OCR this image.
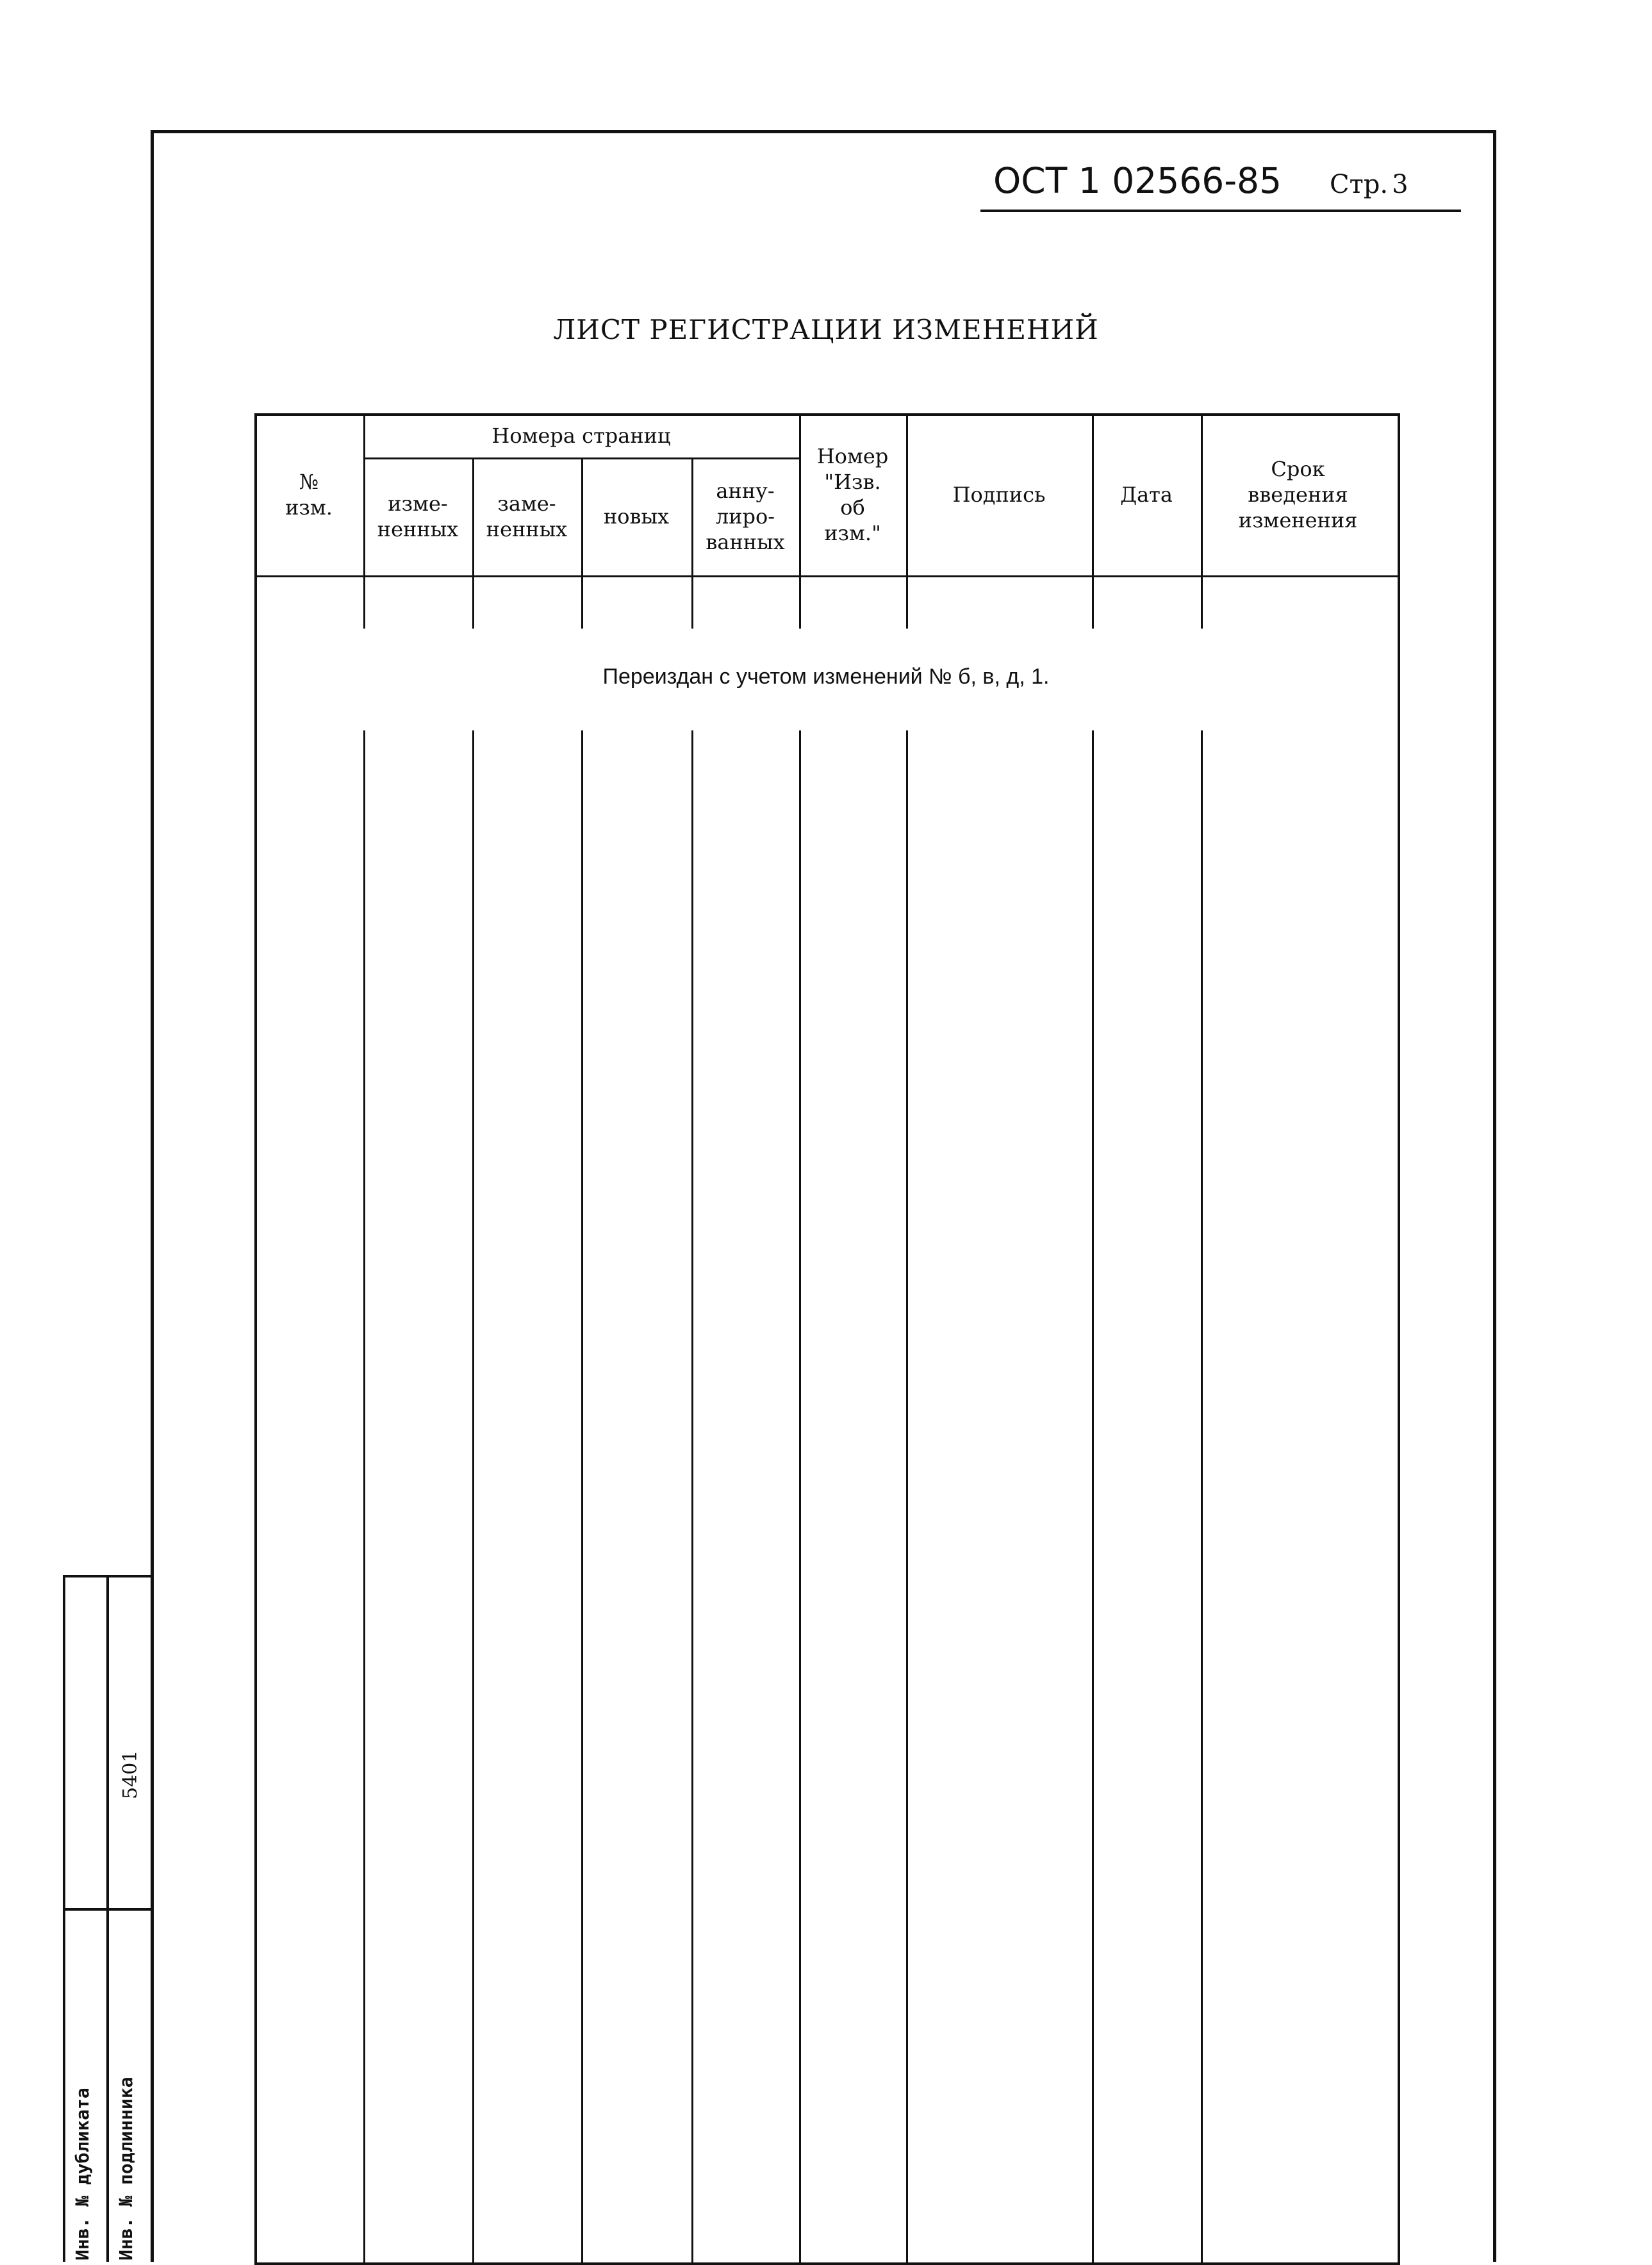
ОСТ 1 02566-85 Стр. 3
ЛИСТ РЕГИСТРАЦИИ ИЗМЕНЕНИЙ
№
изм.
Номера страниц
изме-
ненных
заме-
ненных
новых
анну-
лиро-
ванных
Номер
"Изв.
об
изм."
Подпись	Дата
Срок
введения
изменения
Переиздан с учетом изменений № б, в, д, 1.
Инв. № дубликата Инв. № подлинника
5401
